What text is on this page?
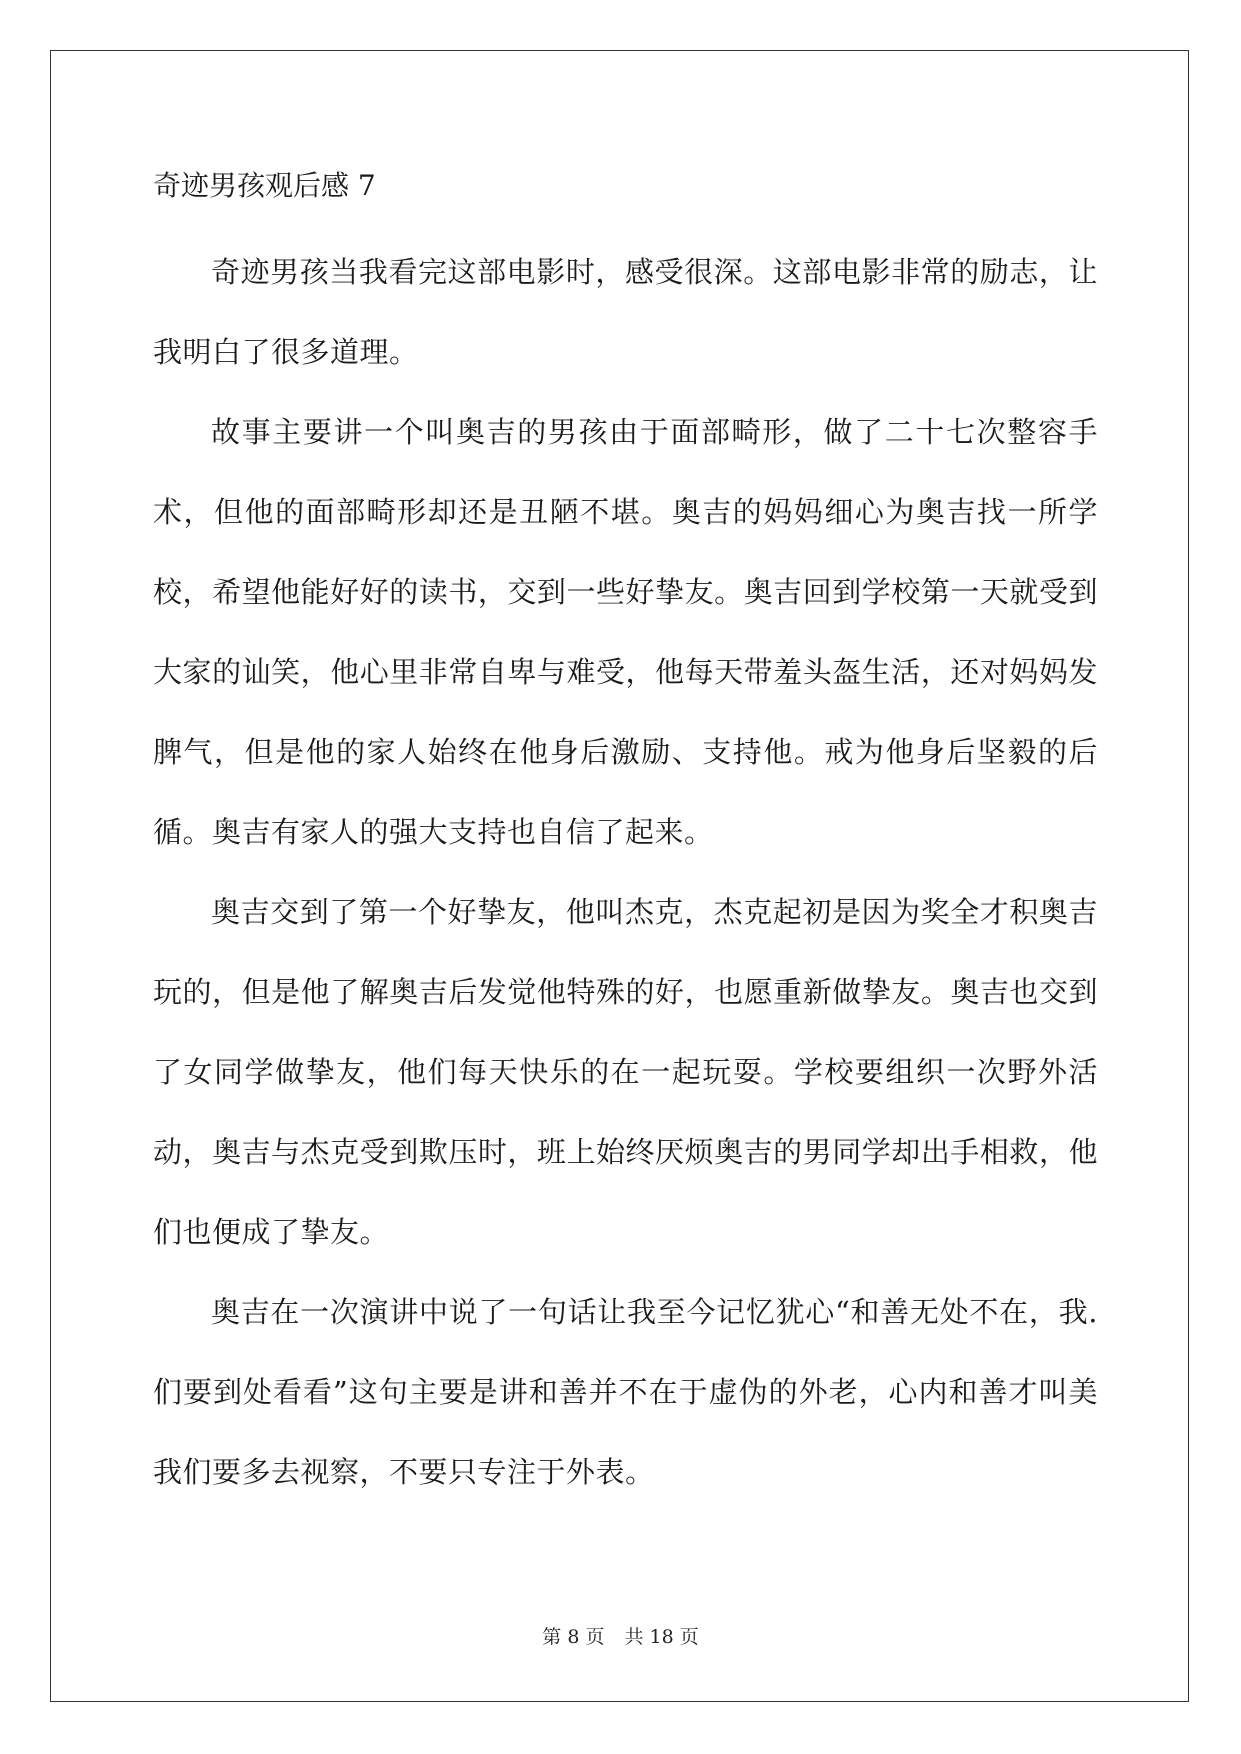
奇迹男孩观后感 7

奇迹男孩当我看完这部电影时，感受很深。这部电影非常的励志，让我明白了很多道理。

故事主要讲一个叫奥吉的男孩由于面部畸形，做了二十七次整容手术，但他的面部畸形却还是丑陋不堪。奥吉的妈妈细心为奥吉找一所学校，希望他能好好的读书，交到一些好挚友。奥吉回到学校第一天就受到大家的讪笑，他心里非常自卑与难受，他每天带羞头盔生活，还对妈妈发脾气，但是他的家人始终在他身后激励、支持他。戒为他身后坚毅的后循。奥吉有家人的强大支持也自信了起来。

奥吉交到了第一个好挚友，他叫杰克，杰克起初是因为奖全才积奥吉玩的，但是他了解奥吉后发觉他特殊的好，也愿重新做挚友。奥吉也交到了女同学做挚友，他们每天快乐的在一起玩耍。学校要组织一次野外活动，奥吉与杰克受到欺压时，班上始终厌烦奥吉的男同学却出手相救，他们也便成了挚友。

奥吉在一次演讲中说了一句话让我至今记忆犹心“和善无处不在，我.们要到处看看”这句主要是讲和善并不在于虚伪的外老，心内和善才叫美我们要多去视察，不要只专注于外表。

第 8 页 共 18 页
